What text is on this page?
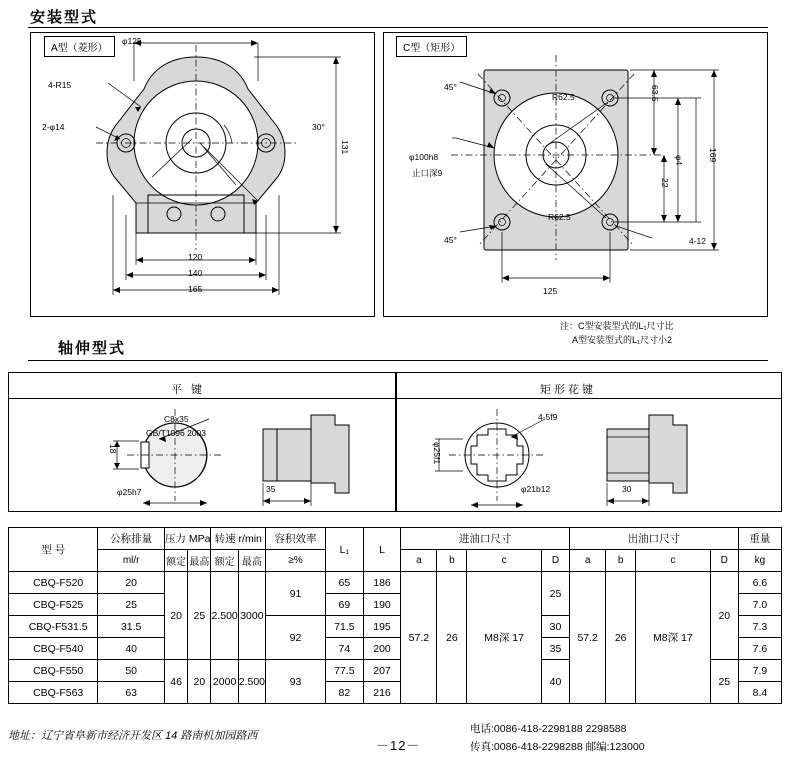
安装型式
A型（菱形）	C型（矩形）
φ125
4-R15
2-φ14	30°
131
120
140
165
45°
45°
R62.5
R62.5
φ100h8
止口深9
63.5
φ4
22
169
4-12
125
注：C型安装型式的L₁尺寸比
A型安装型式的L₁尺寸小2
轴伸型式
平 键	矩形花键
C8x35
GB/T1096 2003
18
φ25h7	35
4-5f9
φ25f1
φ21b12	30
型 号	公称排量	压力 MPa		转速 r/min		容积效率	L₁	L	进油口尺寸				出油口尺寸				重量
	ml/r	额定	最高	额定	最高	≥%			a	b	c	D	a	b	c	D	kg
CBQ-F520	20	20	25	2.500	3000	91	65	186	57.2	26	M8深 17	25	57.2	26	M8深 17	20	6.6
CBQ-F525	25						69	190									7.0
CBQ-F531.5	31.5					92	71.5	195				30					7.3
CBQ-F540	40						74	200				35					7.6
CBQ-F550	50	46	20	2000	2.500	93	77.5	207				40				25	7.9
CBQ-F563	63						82	216									8.4
地址：辽宁省阜新市经济开发区 14 路南机加园路西
－12－
电话:0086-418-2298188 2298588
传真:0086-418-2298288 邮编:123000
